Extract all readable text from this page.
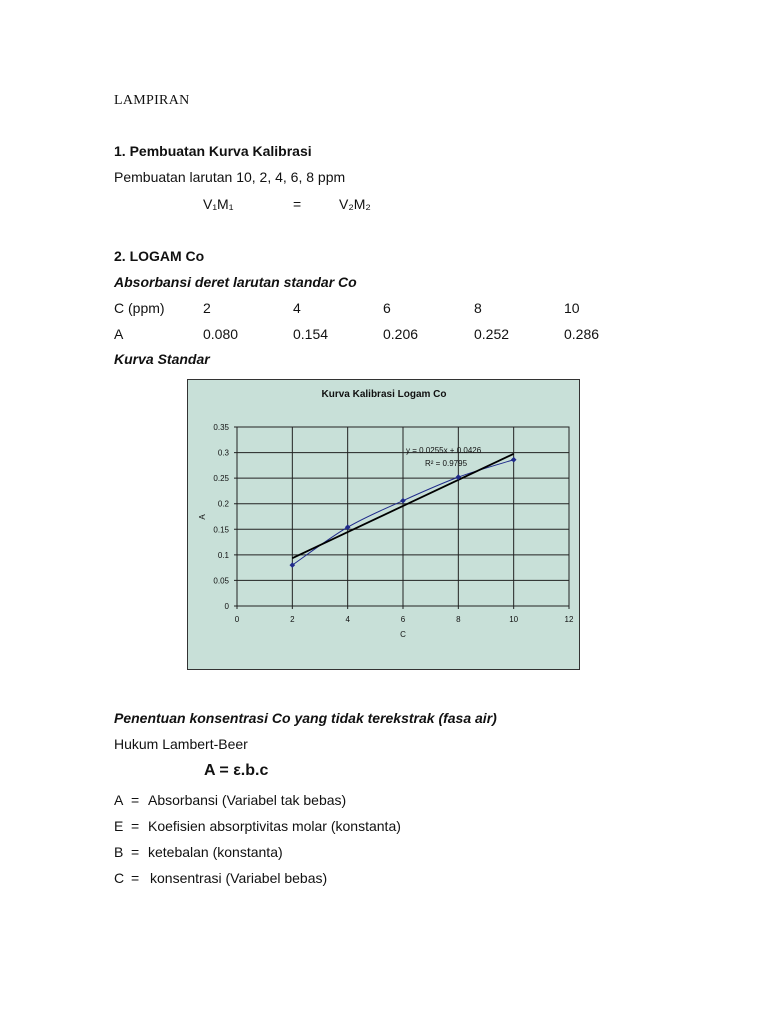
LAMPIRAN
1. Pembuatan Kurva Kalibrasi
Pembuatan larutan 10, 2, 4, 6, 8 ppm
V₁M₁	=	V₂M₂
2. LOGAM Co
Absorbansi deret larutan standar Co
C (ppm)	2	4	6	8	10
A	0.080	0.154	0.206	0.252	0.286
Kurva Standar
Kurva Kalibrasi Logam Co
C
A
y = 0.0255x + 0.0426
R² = 0.9795
0	2	4	6	8	10	12
0
0.05
0.1
0.15
0.2
0.25
0.3
0.35
Penentuan konsentrasi Co yang tidak terekstrak (fasa air)
Hukum Lambert-Beer
A = ε.b.c
A = Absorbansi (Variabel tak bebas)
E = Koefisien absorptivitas molar (konstanta)
B = ketebalan (konstanta)
C = konsentrasi (Variabel bebas)
